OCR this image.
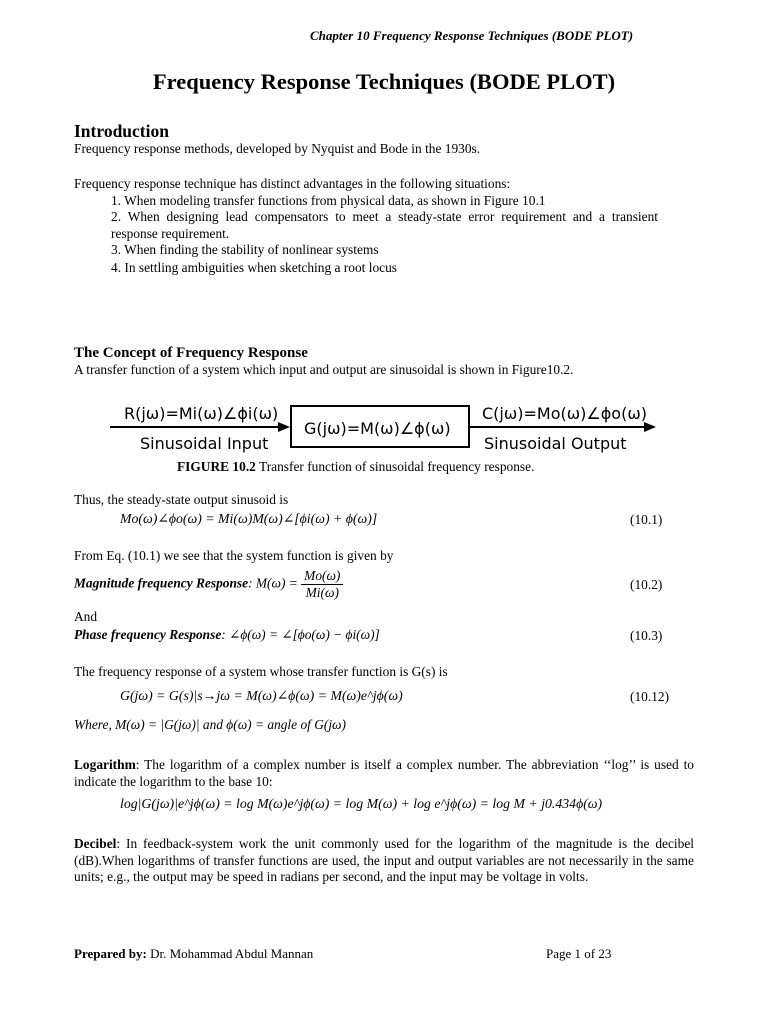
Chapter 10 Frequency Response Techniques (BODE PLOT)
Frequency Response Techniques (BODE PLOT)
Introduction
Frequency response methods, developed by Nyquist and Bode in the 1930s.
Frequency response technique has distinct advantages in the following situations:
1. When modeling transfer functions from physical data, as shown in Figure 10.1
2. When designing lead compensators to meet a steady-state error requirement and a transient response requirement.
3. When finding the stability of nonlinear systems
4. In settling ambiguities when sketching a root locus
The Concept of Frequency Response
A transfer function of a system which input and output are sinusoidal is shown in Figure10.2.
R(jω)=Mi(ω)∠ϕi(ω)
G(jω)=M(ω)∠ϕ(ω)
C(jω)=Mo(ω)∠ϕo(ω)
Sinusoidal Input	Sinusoidal Output
FIGURE 10.2 Transfer function of sinusoidal frequency response.
Thus, the steady-state output sinusoid is
Mo(ω)∠ϕo(ω) = Mi(ω)M(ω)∠[ϕi(ω) + ϕ(ω)]	(10.1)
From Eq. (10.1) we see that the system function is given by
Magnitude frequency Response: $M(\omega) = \frac{Mo(\omega)}{Mi(\omega)}$	(10.2)
And
Phase frequency Response: ∠ϕ(ω) = ∠[ϕo(ω) − ϕi(ω)]	(10.3)
The frequency response of a system whose transfer function is G(s) is
G(jω) = G(s)|s→jω = M(ω)∠ϕ(ω) = M(ω)e^jϕ(ω)	(10.12)
Where, M(ω) = |G(jω)| and ϕ(ω) = angle of G(jω)
Logarithm: The logarithm of a complex number is itself a complex number. The abbreviation ‘‘log’’ is used to indicate the logarithm to the base 10:
log|G(jω)|e^jϕ(ω) = log M(ω)e^jϕ(ω) = log M(ω) + log e^jϕ(ω) = log M + j0.434ϕ(ω)
Decibel: In feedback-system work the unit commonly used for the logarithm of the magnitude is the decibel (dB).When logarithms of transfer functions are used, the input and output variables are not necessarily in the same units; e.g., the output may be speed in radians per second, and the input may be voltage in volts.
Prepared by: Dr. Mohammad Abdul Mannan	Page 1 of 23
